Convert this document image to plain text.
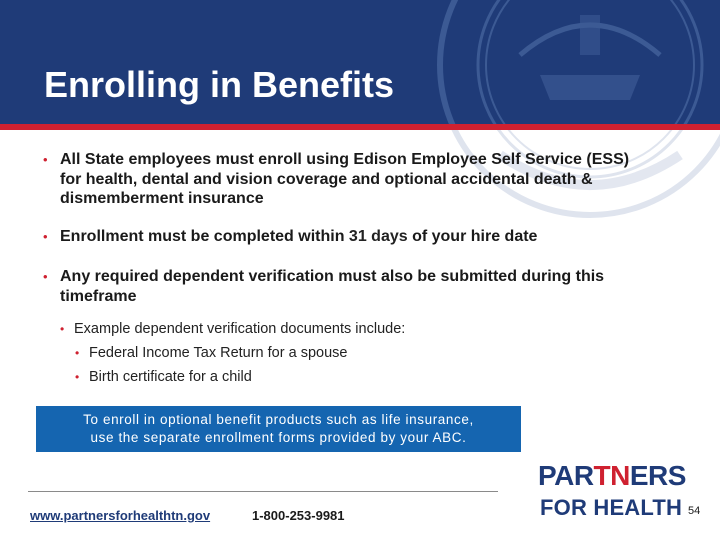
Enrolling in Benefits
• All State employees must enroll using Edison Employee Self Service (ESS) for health, dental and vision coverage and optional accidental death & dismemberment insurance
• Enrollment must be completed within 31 days of your hire date
• Any required dependent verification must also be submitted during this timeframe
• Example dependent verification documents include:
• Federal Income Tax Return for a spouse
• Birth certificate for a child
To enroll in optional benefit products such as life insurance,
use the separate enrollment forms provided by your ABC.
www.partnersforhealthtn.gov	1-800-253-9981
PARTNERS
FOR HEALTH 54
